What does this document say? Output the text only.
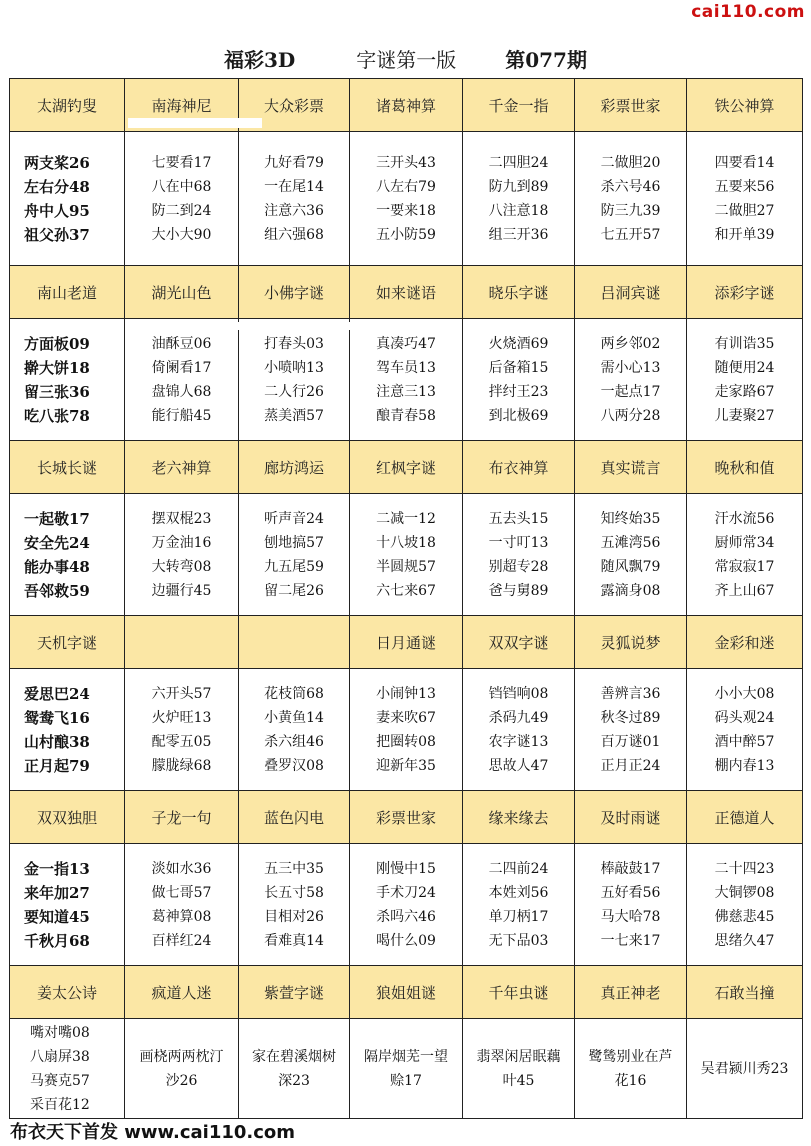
cai110.com
福彩3D	字谜第一版 第077期
太湖钓叟	南海神尼	大众彩票	诸葛神算	千金一指	彩票世家	铁公神算

两支桨26
左右分48
舟中人95
祖父孙37	七要看17
八在中68
防二到24
大小大90	九好看79
一在尾14
注意六36
组六强68	三开头43
八左右79
一要来18
五小防59	二四胆24
防九到89
八注意18
组三开36	二做胆20
杀六号46
防三九39
七五开57	四要看14
五要来56
二做胆27
和开单39

南山老道	湖光山色	小佛字谜	如来谜语	晓乐字谜	吕洞宾谜	添彩字谜

方面板09
擀大饼18
留三张36
吃八张78	油酥豆06
倚阑看17
盘锦人68
能行船45	打春头03
小喷呐13
二人行26
蒸美酒57	真凑巧47
驾车员13
注意三13
酿青春58	火烧酒69
后备箱15
拌纣王23
到北极69	两乡邻02
需小心13
一起点17
八两分28	有训诰35
随便用24
走家路67
儿妻聚27

长城长谜	老六神算	廊坊鸿运	红枫字谜	布衣神算	真实谎言	晚秋和值

一起敬17
安全先24
能办事48
吾邻救59	摆双棍23
万金油16
大转弯08
边疆行45	听声音24
刨地搞57
九五尾59
留二尾26	二减一12
十八坡18
半圆规57
六七来67	五去头15
一寸叮13
别超专28
爸与舅89	知终始35
五滩湾56
随风飘79
露滴身08	汗水流56
厨师常34
常寂寂17
齐上山67

天机字谜			日月通谜	双双字谜	灵狐说梦	金彩和迷

爱思巴24
鸳鸯飞16
山村酿38
正月起79	六开头57
火炉旺13
配零五05
朦胧绿68	花枝筒68
小黄鱼14
杀六组46
叠罗汉08	小闹钟13
妻来吹67
把圈转08
迎新年35	铛铛响08
杀码九49
农字谜13
思故人47	善辨言36
秋冬过89
百万谜01
正月正24	小小大08
码头观24
酒中醉57
棚内春13

双双独胆	子龙一句	蓝色闪电	彩票世家	缘来缘去	及时雨谜	正德道人

金一指13
来年加27
要知道45
千秋月68	淡如水36
做七哥57
葛神算08
百样红24	五三中35
长五寸58
目相对26
看难真14	刚慢中15
手术刀24
杀吗六46
喝什么09	二四前24
本姓刘56
单刀柄17
无下品03	棒敲鼓17
五好看56
马大哈78
一七来17	二十四23
大铜锣08
佛慈悲45
思绪久47

姜太公诗	疯道人迷	紫萱字谜	狼姐姐谜	千年虫谜	真正神老	石敢当撞

嘴对嘴08
八扇屏38
马赛克57
采百花12	画桡两两枕汀沙26	家在碧溪烟树深23	隔岸烟芜一望赊17	翡翠闲居眠藕叶45	鹭鸶别业在芦花16	吴君颍川秀23
布衣天下首发 www.cai110.com
